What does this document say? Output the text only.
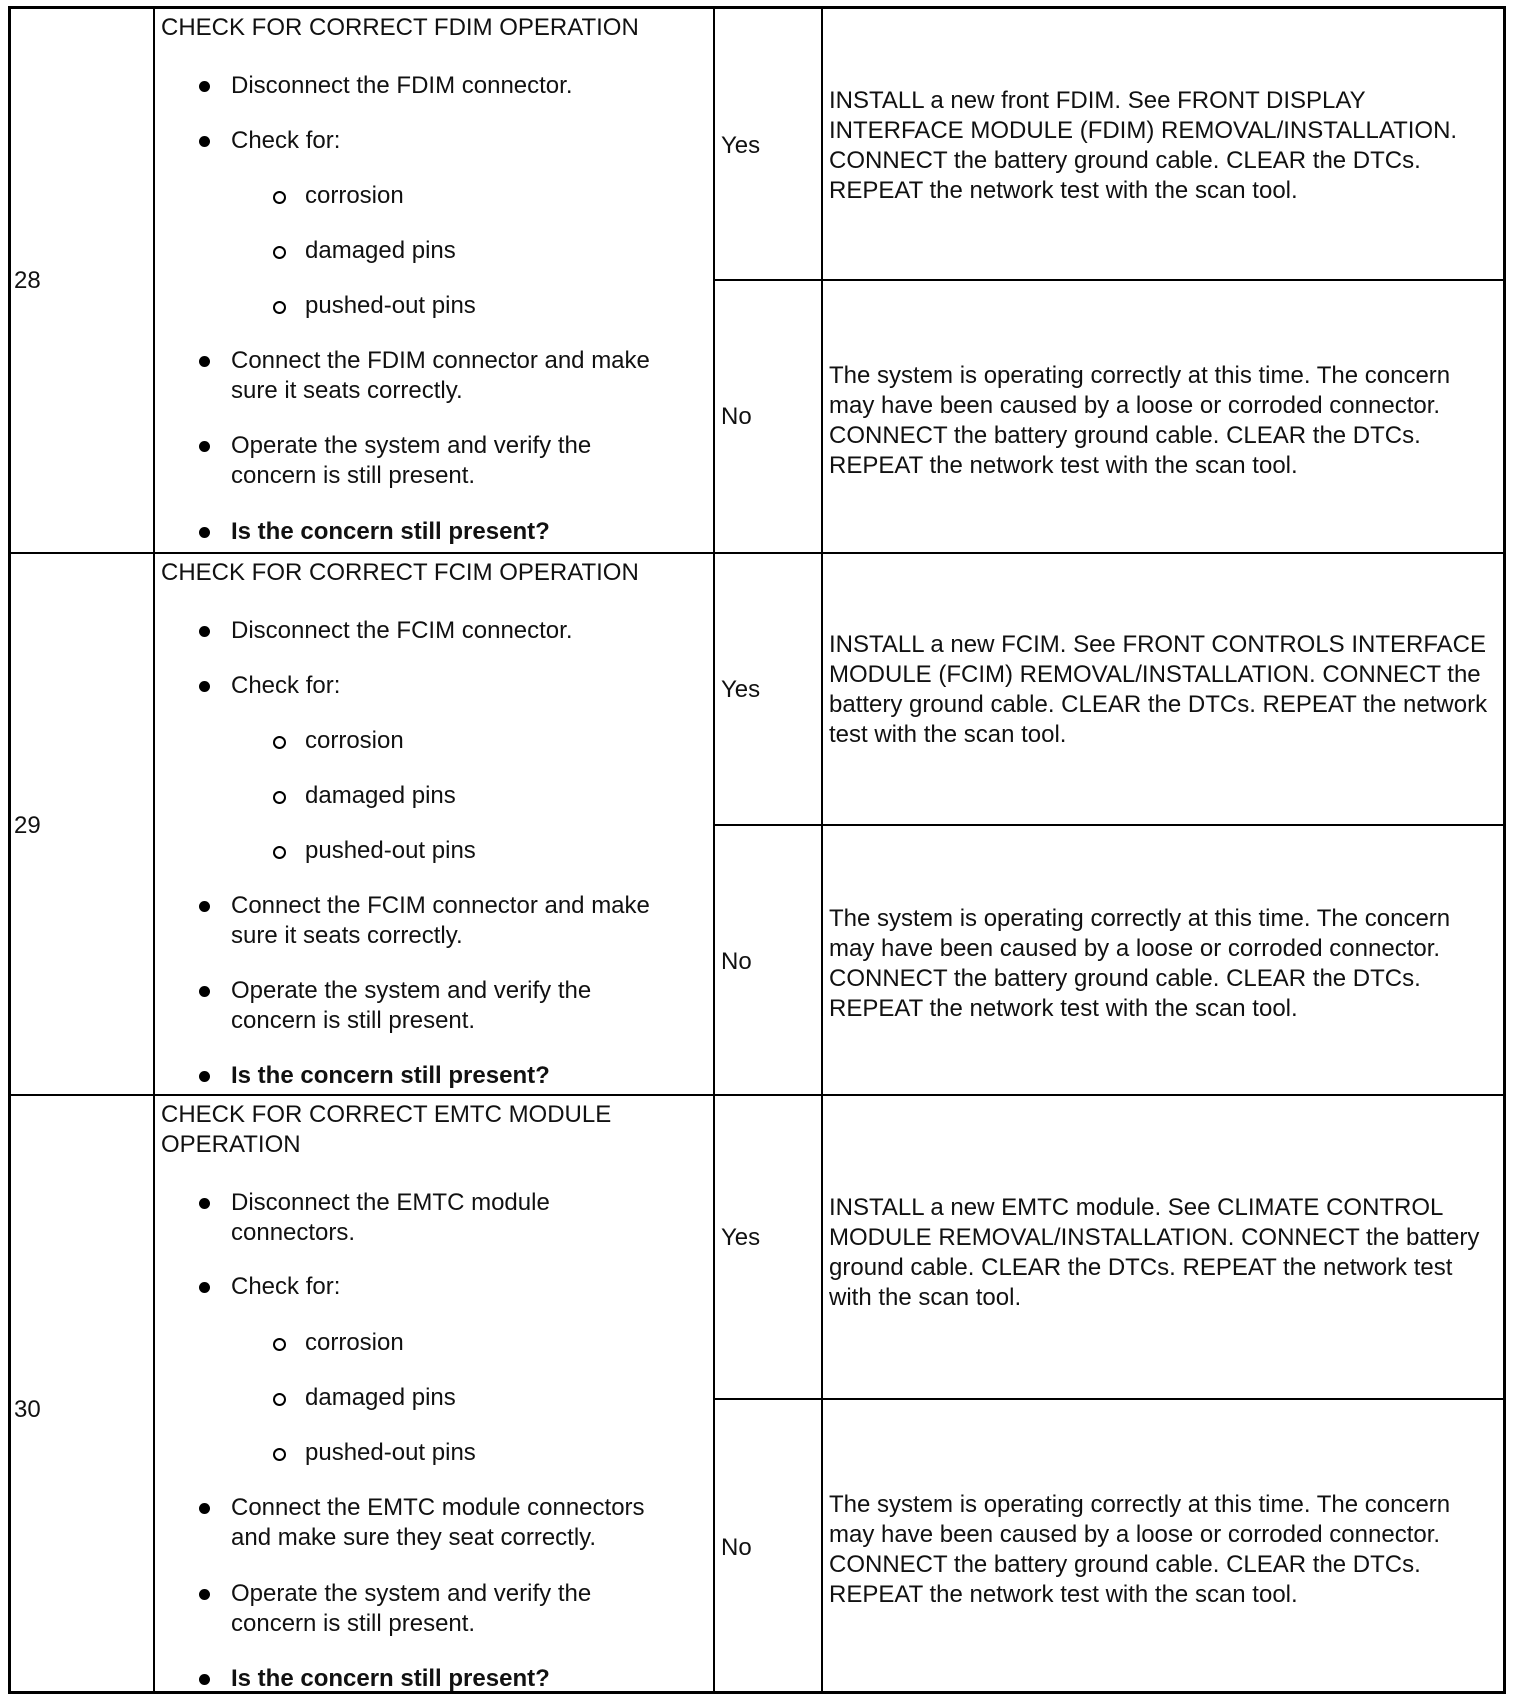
28
CHECK FOR CORRECT FDIM OPERATION
Disconnect the FDIM connector.
Check for:
corrosion
damaged pins
pushed-out pins
Connect the FDIM connector and make sure it seats correctly.
Operate the system and verify the concern is still present.
Is the concern still present?
Yes
No
INSTALL a new front FDIM. See FRONT DISPLAY INTERFACE MODULE (FDIM) REMOVAL/INSTALLATION. CONNECT the battery ground cable. CLEAR the DTCs. REPEAT the network test with the scan tool.
The system is operating correctly at this time. The concern may have been caused by a loose or corroded connector. CONNECT the battery ground cable. CLEAR the DTCs. REPEAT the network test with the scan tool.
29
CHECK FOR CORRECT FCIM OPERATION
Disconnect the FCIM connector.
Check for:
corrosion
damaged pins
pushed-out pins
Connect the FCIM connector and make sure it seats correctly.
Operate the system and verify the concern is still present.
Is the concern still present?
Yes
No
INSTALL a new FCIM. See FRONT CONTROLS INTERFACE MODULE (FCIM) REMOVAL/INSTALLATION. CONNECT the battery ground cable. CLEAR the DTCs. REPEAT the network test with the scan tool.
The system is operating correctly at this time. The concern may have been caused by a loose or corroded connector. CONNECT the battery ground cable. CLEAR the DTCs. REPEAT the network test with the scan tool.
30
CHECK FOR CORRECT EMTC MODULE OPERATION
Disconnect the EMTC module connectors.
Check for:
corrosion
damaged pins
pushed-out pins
Connect the EMTC module connectors and make sure they seat correctly.
Operate the system and verify the concern is still present.
Is the concern still present?
Yes
No
INSTALL a new EMTC module. See CLIMATE CONTROL MODULE REMOVAL/INSTALLATION. CONNECT the battery ground cable. CLEAR the DTCs. REPEAT the network test with the scan tool.
The system is operating correctly at this time. The concern may have been caused by a loose or corroded connector. CONNECT the battery ground cable. CLEAR the DTCs. REPEAT the network test with the scan tool.
